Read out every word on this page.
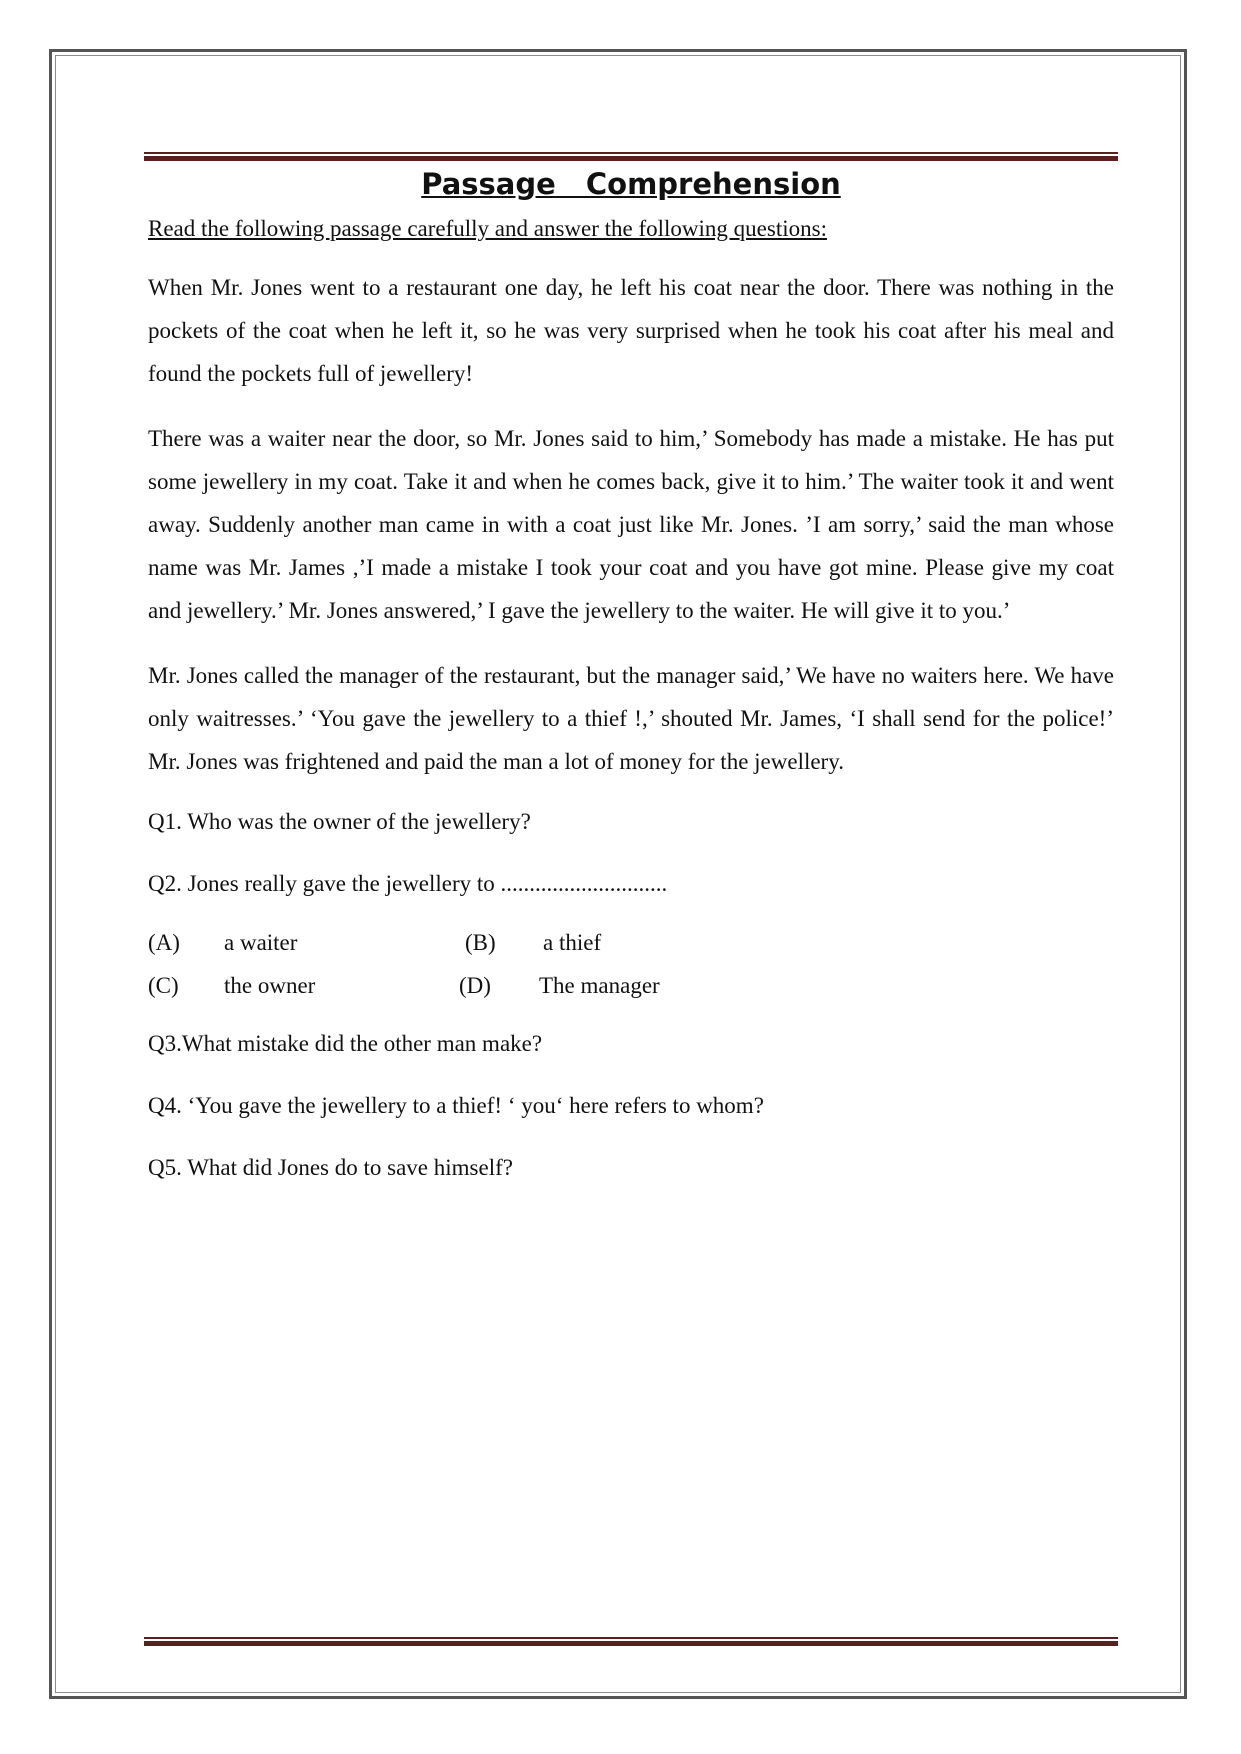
Passage Comprehension

Read the following passage carefully and answer the following questions:

When Mr. Jones went to a restaurant one day, he left his coat near the door. There was nothing in the pockets of the coat when he left it, so he was very surprised when he took his coat after his meal and found the pockets full of jewellery!

There was a waiter near the door, so Mr. Jones said to him,’ Somebody has made a mistake. He has put some jewellery in my coat. Take it and when he comes back, give it to him.’ The waiter took it and went away. Suddenly another man came in with a coat just like Mr. Jones. ’I am sorry,’ said the man whose name was Mr. James ,’I made a mistake I took your coat and you have got mine. Please give my coat and jewellery.’ Mr. Jones answered,’ I gave the jewellery to the waiter. He will give it to you.’

Mr. Jones called the manager of the restaurant, but the manager said,’ We have no waiters here. We have only waitresses.’ ‘You gave the jewellery to a thief !,’ shouted Mr. James, ‘I shall send for the police!’ Mr. Jones was frightened and paid the man a lot of money for the jewellery.

Q1. Who was the owner of the jewellery?

Q2. Jones really gave the jewellery to .............................

(A) a waiter	(B) a thief
(C) the owner	(D) The manager

Q3.What mistake did the other man make?

Q4. ‘You gave the jewellery to a thief! ‘ you‘ here refers to whom?

Q5. What did Jones do to save himself?
